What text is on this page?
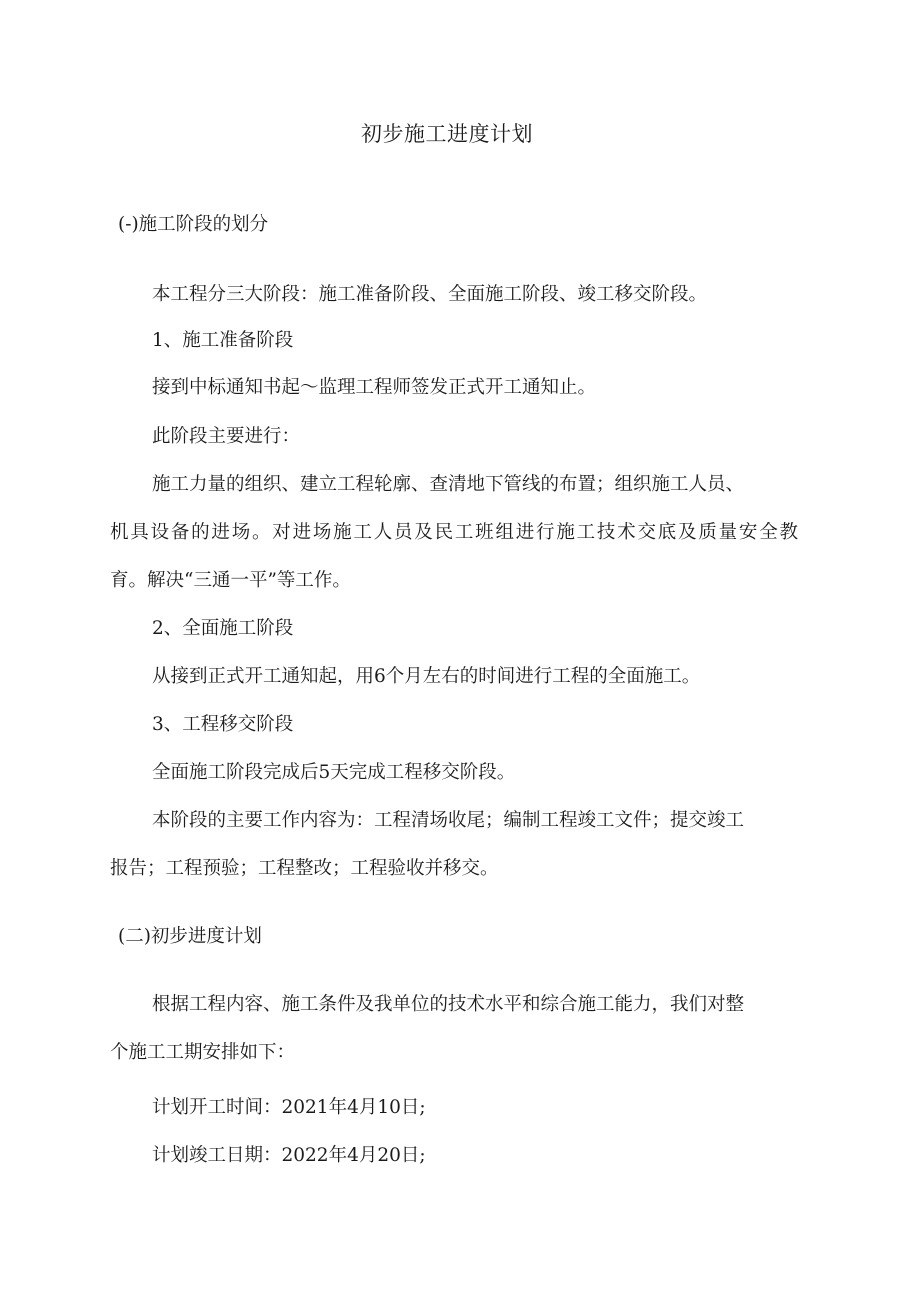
初步施工进度计划

(-)施工阶段的划分

本工程分三大阶段：施工准备阶段、全面施工阶段、竣工移交阶段。

1、施工准备阶段

接到中标通知书起～监理工程师签发正式开工通知止。

此阶段主要进行：

施工力量的组织、建立工程轮廓、查清地下管线的布置；组织施工人员、

机具设备的进场。对进场施工人员及民工班组进行施工技术交底及质量安全教

育。解决“三通一平”等工作。

2、全面施工阶段

从接到正式开工通知起，用6个月左右的时间进行工程的全面施工。

3、工程移交阶段

全面施工阶段完成后5天完成工程移交阶段。

本阶段的主要工作内容为：工程清场收尾；编制工程竣工文件；提交竣工

报告；工程预验；工程整改；工程验收并移交。

(二)初步进度计划

根据工程内容、施工条件及我单位的技术水平和综合施工能力，我们对整

个施工工期安排如下：

计划开工时间：2021年4月10日;

计划竣工日期：2022年4月20日;
